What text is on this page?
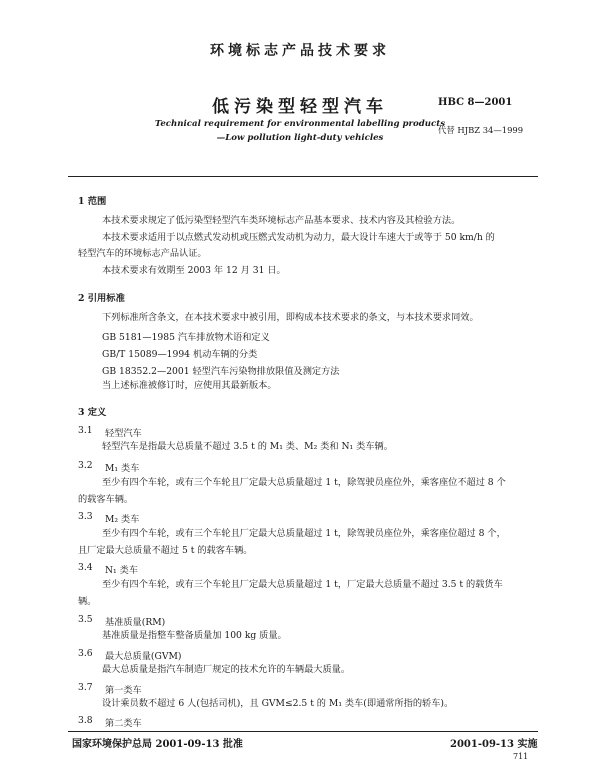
环境标志产品技术要求
低污染型轻型汽车	HBC 8—2001
Technical requirement for environmental labelling products
—Low pollution light-duty vehicles
代替 HJBZ 34—1999
1 范围
本技术要求规定了低污染型轻型汽车类环境标志产品基本要求、技术内容及其检验方法。
本技术要求适用于以点燃式发动机或压燃式发动机为动力，最大设计车速大于或等于 50 km/h 的
轻型汽车的环境标志产品认证。
本技术要求有效期至 2003 年 12 月 31 日。
2 引用标准
下列标准所含条文，在本技术要求中被引用，即构成本技术要求的条文，与本技术要求同效。
GB 5181—1985 汽车排放物术语和定义
GB/T 15089—1994 机动车辆的分类
GB 18352.2—2001 轻型汽车污染物排放限值及测定方法
当上述标准被修订时，应使用其最新版本。
3 定义
3.1 轻型汽车
轻型汽车是指最大总质量不超过 3.5 t 的 M₁ 类、M₂ 类和 N₁ 类车辆。
3.2 M₁ 类车
至少有四个车轮，或有三个车轮且厂定最大总质量超过 1 t，除驾驶员座位外，乘客座位不超过 8 个
的载客车辆。
3.3 M₂ 类车
至少有四个车轮，或有三个车轮且厂定最大总质量超过 1 t，除驾驶员座位外，乘客座位超过 8 个，
且厂定最大总质量不超过 5 t 的载客车辆。
3.4 N₁ 类车
至少有四个车轮，或有三个车轮且厂定最大总质量超过 1 t，厂定最大总质量不超过 3.5 t 的载货车
辆。
3.5 基准质量(RM)
基准质量是指整车整备质量加 100 kg 质量。
3.6 最大总质量(GVM)
最大总质量是指汽车制造厂规定的技术允许的车辆最大质量。
3.7 第一类车
设计乘员数不超过 6 人(包括司机)，且 GVM≤2.5 t 的 M₁ 类车(即通常所指的轿车)。
3.8 第二类车
国家环境保护总局 2001-09-13 批准	2001-09-13 实施
711
